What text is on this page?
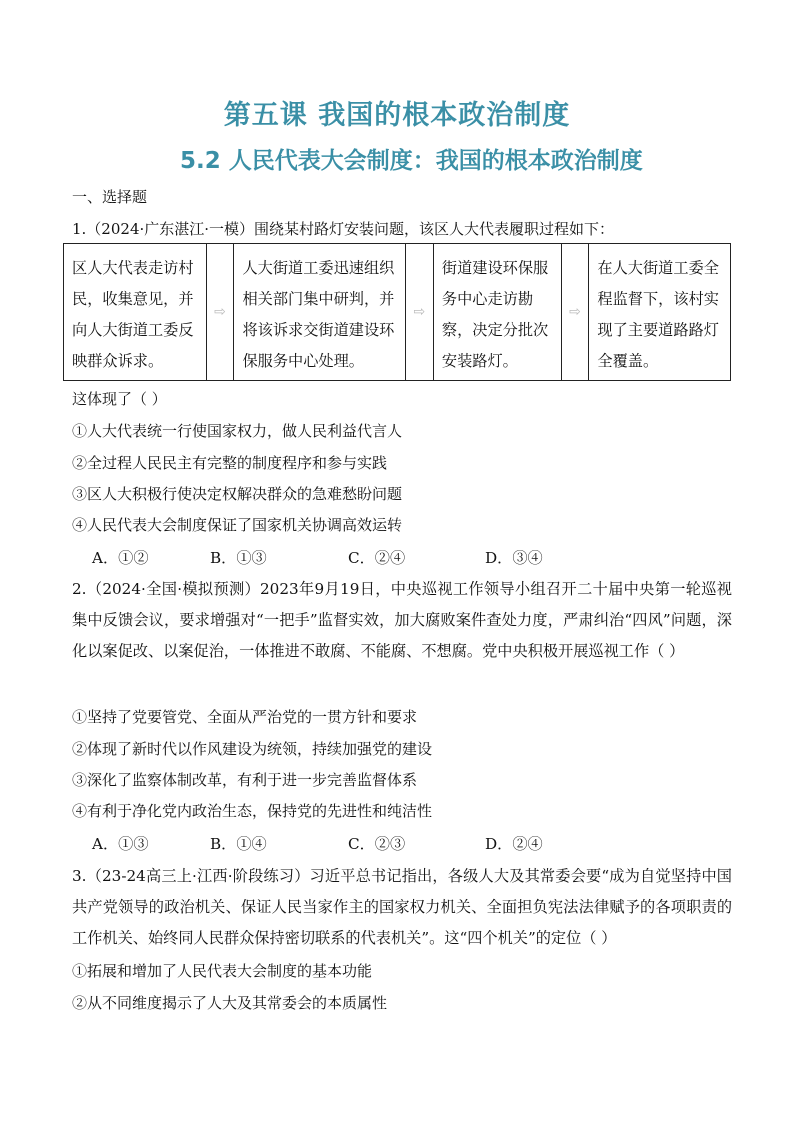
第五课 我国的根本政治制度
5.2 人民代表大会制度：我国的根本政治制度
一、选择题
1.（2024·广东湛江·一模）围绕某村路灯安装问题，该区人大代表履职过程如下：
区人大代表走访村民，收集意见，并向人大街道工委反映群众诉求。
⇨
人大街道工委迅速组织相关部门集中研判，并将该诉求交街道建设环保服务中心处理。
⇨
街道建设环保服务中心走访勘察，决定分批次安装路灯。
⇨
在人大街道工委全程监督下，该村实现了主要道路路灯全覆盖。
这体现了（ ）
①人大代表统一行使国家权力，做人民利益代言人
②全过程人民民主有完整的制度程序和参与实践
③区人大积极行使决定权解决群众的急难愁盼问题
④人民代表大会制度保证了国家机关协调高效运转
A．①②	B．①③	C．②④	D．③④
2.（2024·全国·模拟预测）2023年9月19日，中央巡视工作领导小组召开二十届中央第一轮巡视集中反馈会议，要求增强对“一把手”监督实效，加大腐败案件查处力度，严肃纠治“四风”问题，深化以案促改、以案促治，一体推进不敢腐、不能腐、不想腐。党中央积极开展巡视工作（ ）
①坚持了党要管党、全面从严治党的一贯方针和要求
②体现了新时代以作风建设为统领，持续加强党的建设
③深化了监察体制改革，有利于进一步完善监督体系
④有利于净化党内政治生态，保持党的先进性和纯洁性
A．①③	B．①④	C．②③	D．②④
3.（23-24高三上·江西·阶段练习）习近平总书记指出，各级人大及其常委会要“成为自觉坚持中国共产党领导的政治机关、保证人民当家作主的国家权力机关、全面担负宪法法律赋予的各项职责的工作机关、始终同人民群众保持密切联系的代表机关”。这“四个机关”的定位（ ）
①拓展和增加了人民代表大会制度的基本功能
②从不同维度揭示了人大及其常委会的本质属性
